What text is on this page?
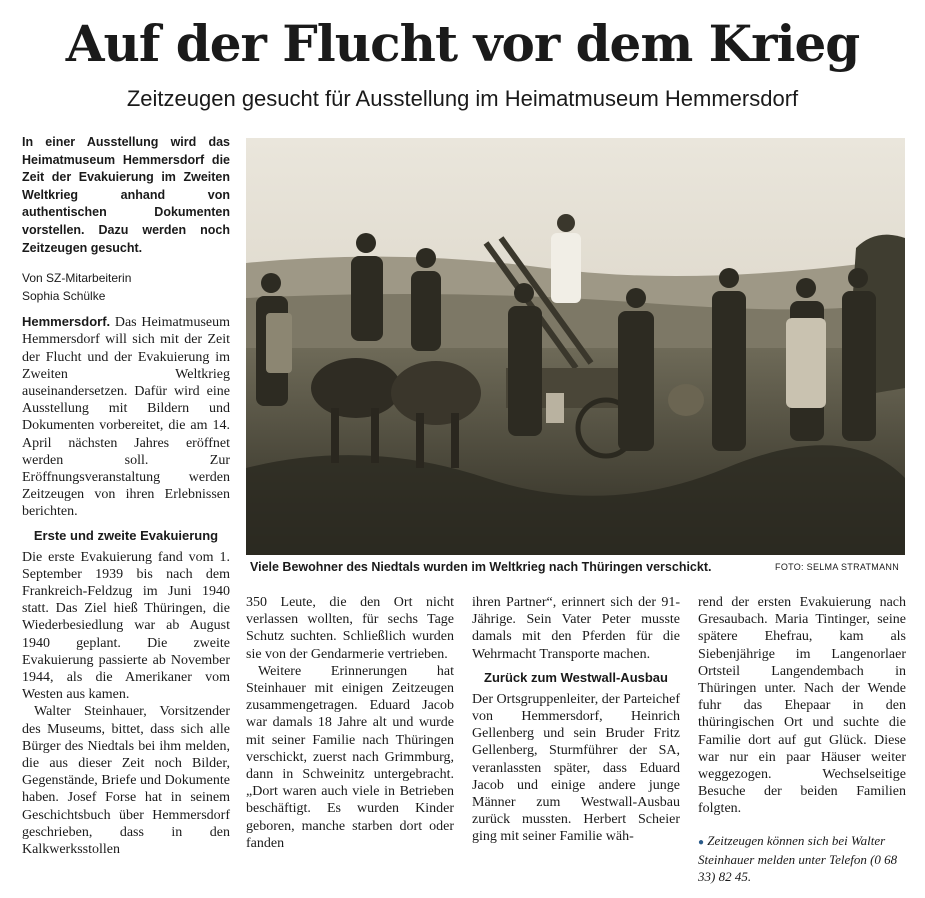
Auf der Flucht vor dem Krieg
Zeitzeugen gesucht für Ausstellung im Heimatmuseum Hemmersdorf

In einer Ausstellung wird das Heimatmuseum Hemmersdorf die Zeit der Evakuierung im Zweiten Weltkrieg anhand von authentischen Dokumenten vorstellen. Dazu werden noch Zeitzeugen gesucht.

Von SZ-Mitarbeiterin
Sophia Schülke

Hemmersdorf. Das Heimatmuseum Hemmersdorf will sich mit der Zeit der Flucht und der Evakuierung im Zweiten Weltkrieg auseinandersetzen. Dafür wird eine Ausstellung mit Bildern und Dokumenten vorbereitet, die am 14. April nächsten Jahres eröffnet werden soll. Zur Eröffnungsveranstaltung werden Zeitzeugen von ihren Erlebnissen berichten.

Erste und zweite Evakuierung

Die erste Evakuierung fand vom 1. September 1939 bis nach dem Frankreich-Feldzug im Juni 1940 statt. Das Ziel hieß Thüringen, die Wiederbesiedlung war ab August 1940 geplant. Die zweite Evakuierung passierte ab November 1944, als die Amerikaner vom Westen aus kamen.

Walter Steinhauer, Vorsitzender des Museums, bittet, dass sich alle Bürger des Niedtals bei ihm melden, die aus dieser Zeit noch Bilder, Gegenstände, Briefe und Dokumente haben. Josef Forse hat in seinem Geschichtsbuch über Hemmersdorf geschrieben, dass in den Kalkwerksstollen

Viele Bewohner des Niedtals wurden im Weltkrieg nach Thüringen verschickt.	FOTO: SELMA STRATMANN

350 Leute, die den Ort nicht verlassen wollten, für sechs Tage Schutz suchten. Schließlich wurden sie von der Gendarmerie vertrieben.

Weitere Erinnerungen hat Steinhauer mit einigen Zeitzeugen zusammengetragen. Eduard Jacob war damals 18 Jahre alt und wurde mit seiner Familie nach Thüringen verschickt, zuerst nach Grimmburg, dann in Schweinitz untergebracht. „Dort waren auch viele in Betrieben beschäftigt. Es wurden Kinder geboren, manche starben dort oder fanden

ihren Partner“, erinnert sich der 91-Jährige. Sein Vater Peter musste damals mit den Pferden für die Wehrmacht Transporte machen.

Zurück zum Westwall-Ausbau

Der Ortsgruppenleiter, der Parteichef von Hemmersdorf, Heinrich Gellenberg und sein Bruder Fritz Gellenberg, Sturmführer der SA, veranlassten später, dass Eduard Jacob und einige andere junge Männer zum Westwall-Ausbau zurück mussten. Herbert Scheier ging mit seiner Familie wäh-

rend der ersten Evakuierung nach Gresaubach. Maria Tintinger, seine spätere Ehefrau, kam als Siebenjährige im Langenorlaer Ortsteil Langendembach in Thüringen unter. Nach der Wende fuhr das Ehepaar in den thüringischen Ort und suchte die Familie dort auf gut Glück. Diese war nur ein paar Häuser weiter weggezogen. Wechselseitige Besuche der beiden Familien folgten.

● Zeitzeugen können sich bei Walter Steinhauer melden unter Telefon (0 68 33) 82 45.
